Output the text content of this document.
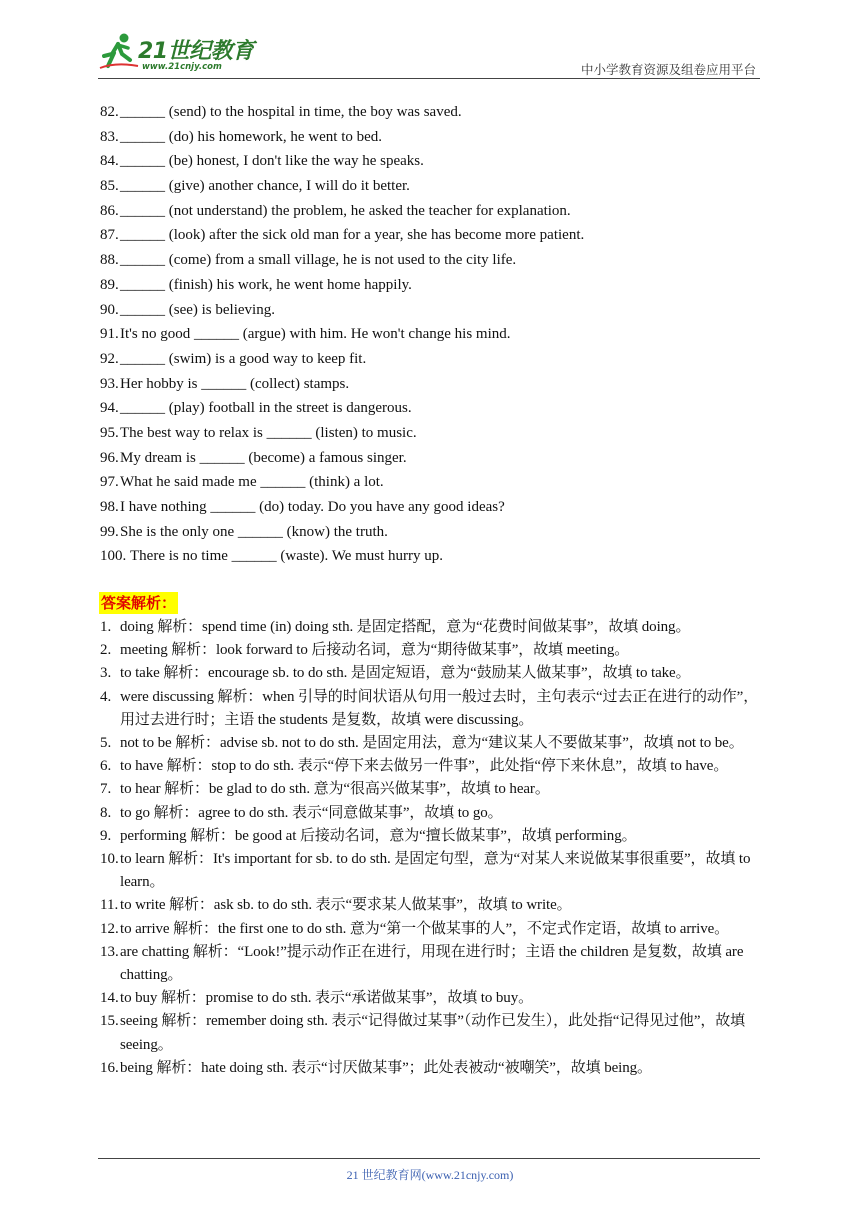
21世纪教育
www.21cnjy.com	中小学教育资源及组卷应用平台
82.______ (send) to the hospital in time, the boy was saved.
83.______ (do) his homework, he went to bed.
84.______ (be) honest, I don't like the way he speaks.
85.______ (give) another chance, I will do it better.
86.______ (not understand) the problem, he asked the teacher for explanation.
87.______ (look) after the sick old man for a year, she has become more patient.
88.______ (come) from a small village, he is not used to the city life.
89.______ (finish) his work, he went home happily.
90.______ (see) is believing.
91.It's no good ______ (argue) with him. He won't change his mind.
92.______ (swim) is a good way to keep fit.
93.Her hobby is ______ (collect) stamps.
94.______ (play) football in the street is dangerous.
95.The best way to relax is ______ (listen) to music.
96.My dream is ______ (become) a famous singer.
97.What he said made me ______ (think) a lot.
98.I have nothing ______ (do) today. Do you have any good ideas?
99.She is the only one ______ (know) the truth.
100. There is no time ______ (waste). We must hurry up.
答案解析：
1. doing 解析：spend time (in) doing sth. 是固定搭配，意为“花费时间做某事”，故填 doing。
2. meeting 解析：look forward to 后接动名词，意为“期待做某事”，故填 meeting。
3. to take 解析：encourage sb. to do sth. 是固定短语，意为“鼓励某人做某事”，故填 to take。
4. were discussing 解析：when 引导的时间状语从句用一般过去时，主句表示“过去正在进行的动作”，用过去进行时；主语 the students 是复数，故填 were discussing。
5. not to be 解析：advise sb. not to do sth. 是固定用法，意为“建议某人不要做某事”，故填 not to be。
6. to have 解析：stop to do sth. 表示“停下来去做另一件事”，此处指“停下来休息”，故填 to have。
7. to hear 解析：be glad to do sth. 意为“很高兴做某事”，故填 to hear。
8. to go 解析：agree to do sth. 表示“同意做某事”，故填 to go。
9. performing 解析：be good at 后接动名词，意为“擅长做某事”，故填 performing。
10. to learn 解析：It's important for sb. to do sth. 是固定句型，意为“对某人来说做某事很重要”，故填 to learn。
11. to write 解析：ask sb. to do sth. 表示“要求某人做某事”，故填 to write。
12. to arrive 解析：the first one to do sth. 意为“第一个做某事的人”，不定式作定语，故填 to arrive。
13. are chatting 解析：“Look!”提示动作正在进行，用现在进行时；主语 the children 是复数，故填 are chatting。
14. to buy 解析：promise to do sth. 表示“承诺做某事”，故填 to buy。
15. seeing 解析：remember doing sth. 表示“记得做过某事”（动作已发生），此处指“记得见过他”，故填 seeing。
16. being 解析：hate doing sth. 表示“讨厌做某事”；此处表被动“被嘲笑”，故填 being。
21 世纪教育网(www.21cnjy.com)
